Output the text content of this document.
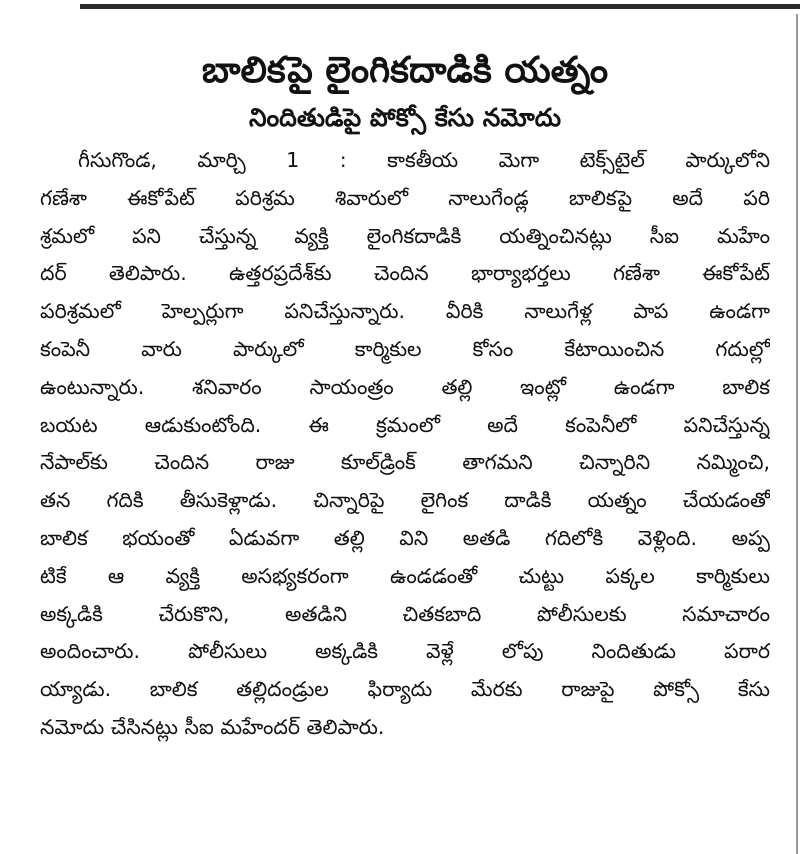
బాలికపై లైంగికదాడికి యత్నం
నిందితుడిపై పోక్సో కేసు నమోదు
గీసుగొండ, మార్చి 1 : కాకతీయ మెగా టెక్స్‌టైల్ పార్కులోని
గణేశా ఈకోపేట్ పరిశ్రమ శివారులో నాలుగేండ్ల బాలికపై అదే పరి
శ్రమలో పని చేస్తున్న వ్యక్తి లైంగికదాడికి యత్నించినట్లు సీఐ మహేం
దర్ తెలిపారు. ఉత్తరప్రదేశ్‌కు చెందిన భార్యాభర్తలు గణేశా ఈకోపేట్
పరిశ్రమలో హెల్పర్లుగా పనిచేస్తున్నారు. వీరికి నాలుగేళ్ల పాప ఉండగా
కంపెనీ వారు పార్కులో కార్మికుల కోసం కేటాయించిన గదుల్లో
ఉంటున్నారు. శనివారం సాయంత్రం తల్లి ఇంట్లో ఉండగా బాలిక
బయట ఆడుకుంటోంది. ఈ క్రమంలో అదే కంపెనీలో పనిచేస్తున్న
నేపాల్‌కు చెందిన రాజు కూల్‌డ్రింక్ తాగమని చిన్నారిని నమ్మించి,
తన గదికి తీసుకెళ్లాడు. చిన్నారిపై లైగింక దాడికి యత్నం చేయడంతో
బాలిక భయంతో ఏడువగా తల్లి విని అతడి గదిలోకి వెళ్లింది. అప్ప
టికే ఆ వ్యక్తి అసభ్యకరంగా ఉండడంతో చుట్టు పక్కల కార్మికులు
అక్కడికి చేరుకొని, అతడిని చితకబాది పోలీసులకు సమాచారం
అందించారు. పోలీసులు అక్కడికి వెళ్లే లోపు నిందితుడు పరార
య్యాడు. బాలిక తల్లిదండ్రుల ఫిర్యాదు మేరకు రాజుపై పోక్సో కేసు
నమోదు చేసినట్లు సీఐ మహేందర్ తెలిపారు.
